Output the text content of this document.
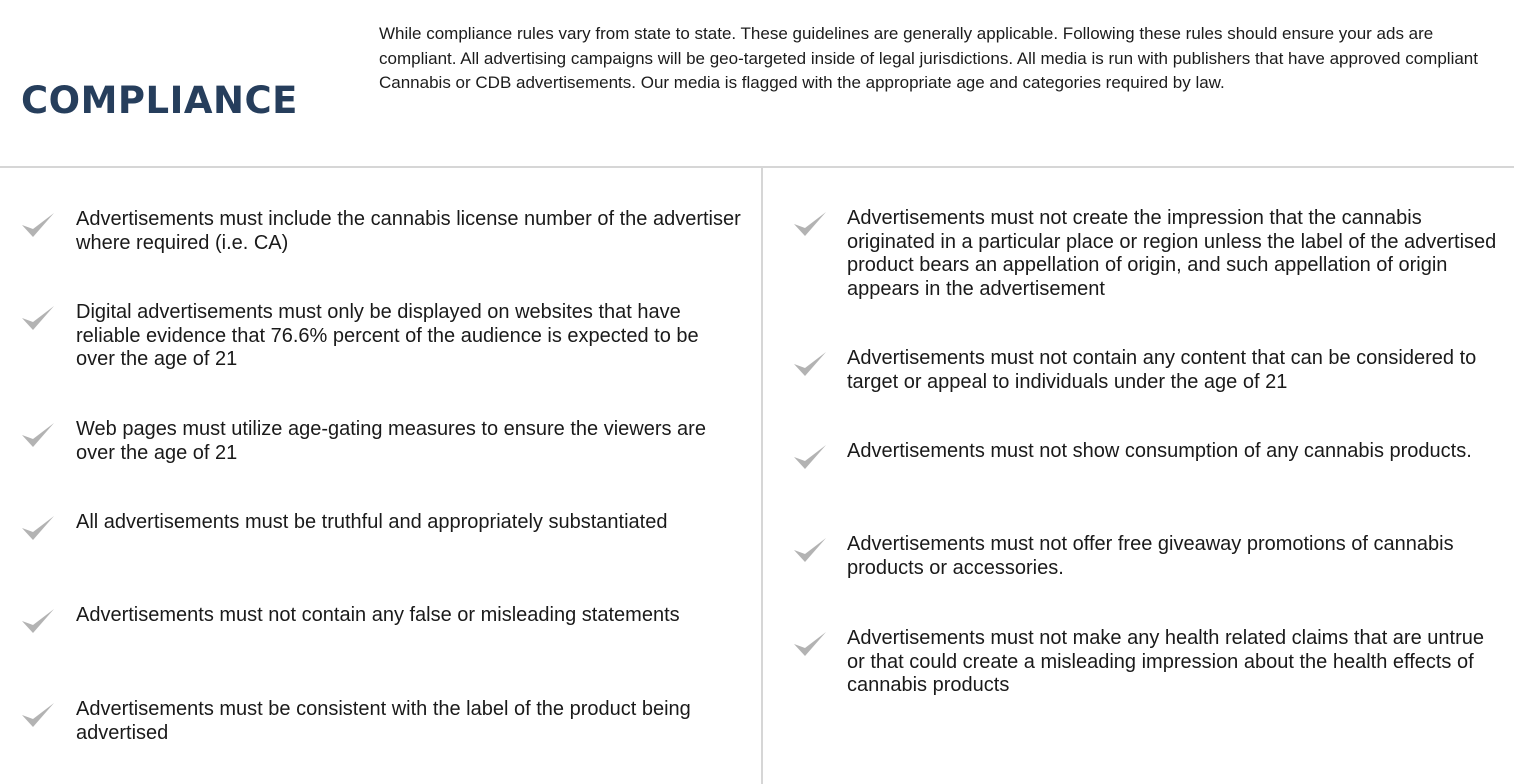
COMPLIANCE

While compliance rules vary from state to state. These guidelines are generally applicable. Following these rules should ensure your ads are compliant. All advertising campaigns will be geo-targeted inside of legal jurisdictions. All media is run with publishers that have approved compliant Cannabis or CDB advertisements. Our media is flagged with the appropriate age and categories required by law.

Advertisements must include the cannabis license number of the advertiser where required (i.e. CA)

Digital advertisements must only be displayed on websites that have reliable evidence that 76.6% percent of the audience is expected to be over the age of 21

Web pages must utilize age-gating measures to ensure the viewers are over the age of 21

All advertisements must be truthful and appropriately substantiated

Advertisements must not contain any false or misleading statements

Advertisements must be consistent with the label of the product being advertised

Advertisements must not create the impression that the cannabis originated in a particular place or region unless the label of the advertised product bears an appellation of origin, and such appellation of origin appears in the advertisement

Advertisements must not contain any content that can be considered to target or appeal to individuals under the age of 21

Advertisements must not show consumption of any cannabis products.

Advertisements must not offer free giveaway promotions of cannabis products or accessories.

Advertisements must not make any health related claims that are untrue or that could create a misleading impression about the health effects of cannabis products
